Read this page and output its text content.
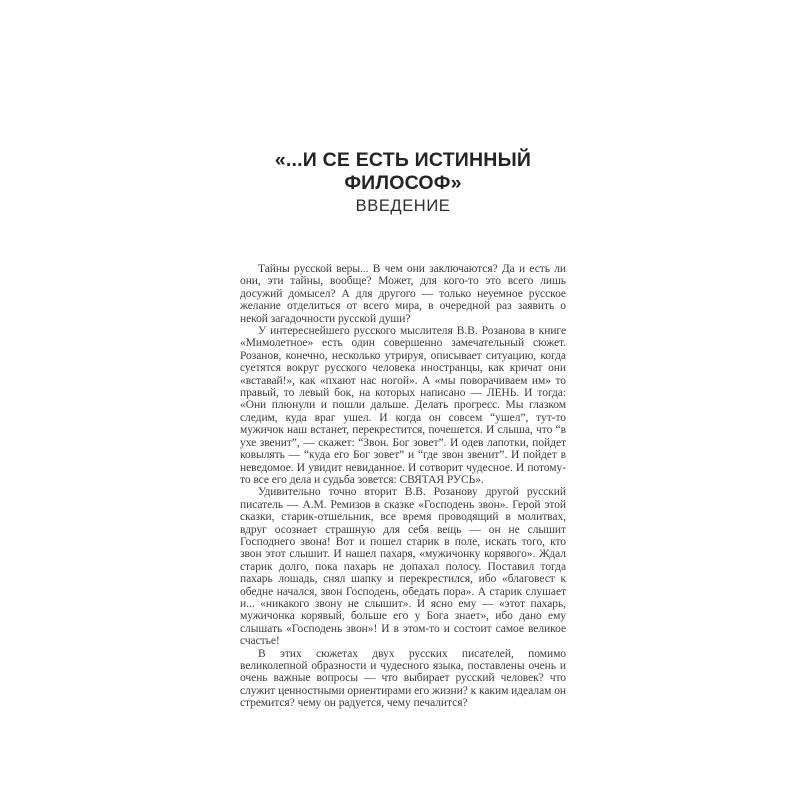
«...И СЕ ЕСТЬ ИСТИННЫЙ ФИЛОСОФ»
ВВЕДЕНИЕ

Тайны русской веры... В чем они заключаются? Да и есть ли они, эти тайны, вообще? Может, для кого-то это всего лишь досужий домысел? А для другого — только неуемное русское желание отделиться от всего мира, в очередной раз заявить о некой загадочности русской души?

У интереснейшего русского мыслителя В.В. Розанова в книге «Мимолетное» есть один совершенно замечательный сюжет. Розанов, конечно, несколько утрируя, описывает ситуацию, когда суетятся вокруг русского человека иностранцы, как кричат они «вставай!», как «пхают нас ногой». А «мы поворачиваем им» то правый, то левый бок, на которых написано — ЛЕНЬ. И тогда: «Они плюнули и пошли дальше. Делать прогресс. Мы глазком следим, куда враг ушел. И когда он совсем “ушел”, тут-то мужичок наш встанет, перекрестится, почешется. И слыша, что “в ухе звенит”, — скажет: “Звон. Бог зовет”. И одев лапотки, пойдет ковылять — “куда его Бог зовет” и “где звон звенит”. И пойдет в неведомое. И увидит невиданное. И сотворит чудесное. И потому-то все его дела и судьба зовется: СВЯТАЯ РУСЬ».

Удивительно точно вторит В.В. Розанову другой русский писатель — А.М. Ремизов в сказке «Господень звон». Герой этой сказки, старик-отшельник, все время проводящий в молитвах, вдруг осознает страшную для себя вещь — он не слышит Господнего звона! Вот и пошел старик в поле, искать того, кто звон этот слышит. И нашел пахаря, «мужичонку корявого». Ждал старик долго, пока пахарь не допахал полосу. Поставил тогда пахарь лошадь, снял шапку и перекрестился, ибо «благовест к обедне начался, звон Господень, обедать пора». А старик слушает и... «никакого звону не слышит». И ясно ему — «этот пахарь, мужичонка корявый, больше его у Бога знает», ибо дано ему слышать «Господень звон»! И в этом-то и состоит самое великое счастье!

В этих сюжетах двух русских писателей, помимо великолепной образности и чудесного языка, поставлены очень и очень важные вопросы — что выбирает русский человек? что служит ценностными ориентирами его жизни? к каким идеалам он стремится? чему он радуется, чему печалится?
